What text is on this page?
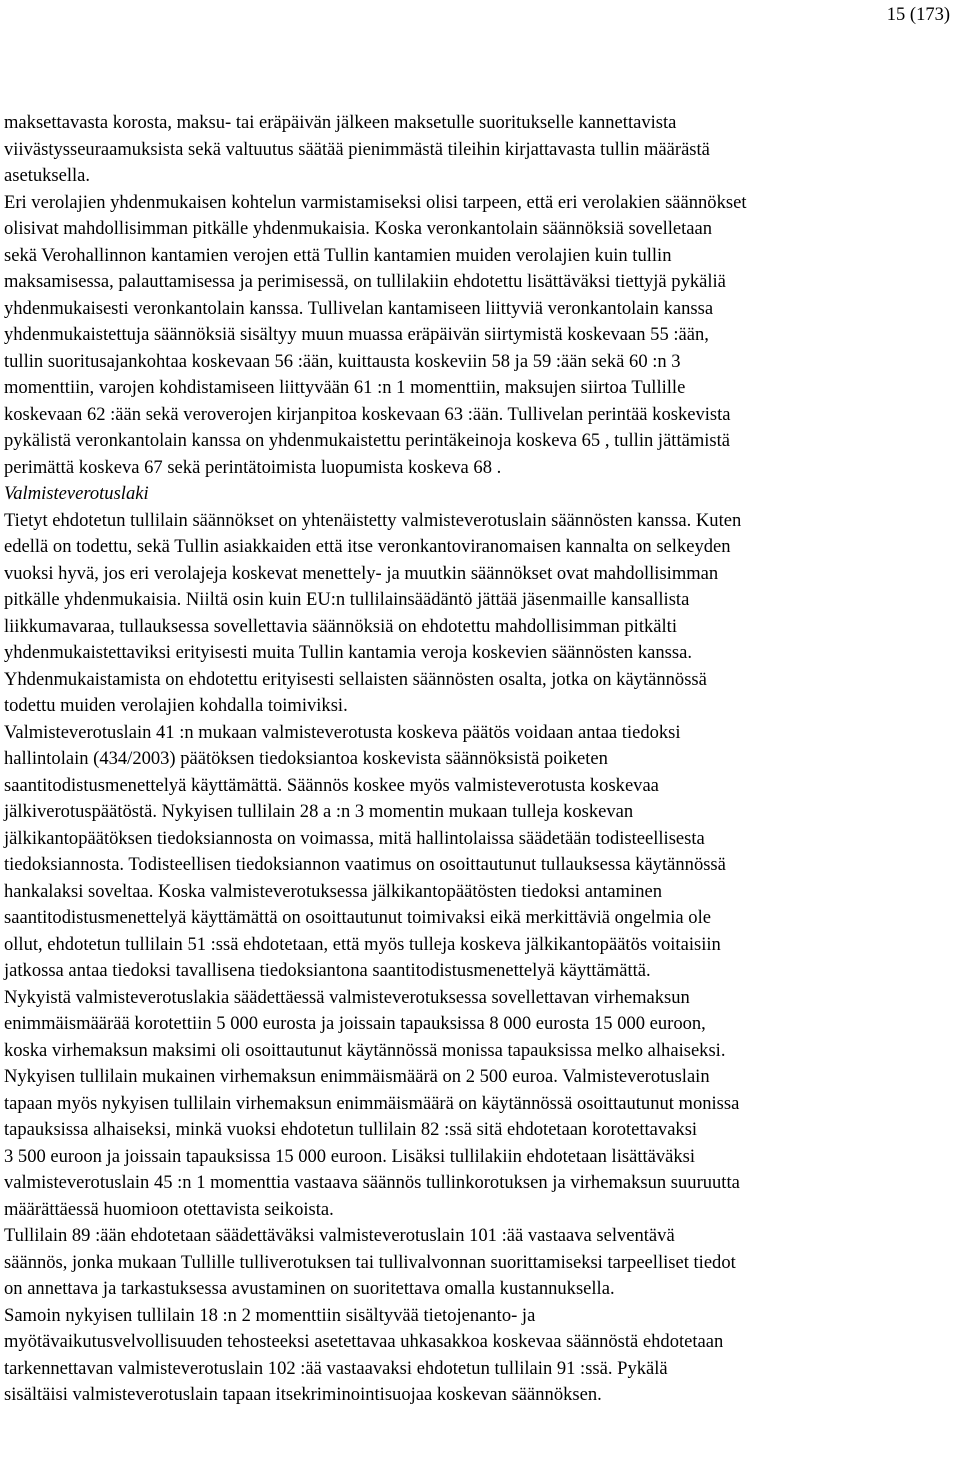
15 (173)

maksettavasta korosta, maksu- tai eräpäivän jälkeen maksetulle suoritukselle kannettavista
viivästysseuraamuksista sekä valtuutus säätää pienimmästä tileihin kirjattavasta tullin määrästä
asetuksella.

Eri verolajien yhdenmukaisen kohtelun varmistamiseksi olisi tarpeen, että eri verolakien säännökset
olisivat mahdollisimman pitkälle yhdenmukaisia. Koska veronkantolain säännöksiä sovelletaan
sekä Verohallinnon kantamien verojen että Tullin kantamien muiden verolajien kuin tullin
maksamisessa, palauttamisessa ja perimisessä, on tullilakiin ehdotettu lisättäväksi tiettyjä pykäliä
yhdenmukaisesti veronkantolain kanssa. Tullivelan kantamiseen liittyviä veronkantolain kanssa
yhdenmukaistettuja säännöksiä sisältyy muun muassa eräpäivän siirtymistä koskevaan 55 :ään,
tullin suoritusajankohtaa koskevaan 56 :ään, kuittausta koskeviin 58 ja 59 :ään sekä 60 :n 3
momenttiin, varojen kohdistamiseen liittyvään 61 :n 1 momenttiin, maksujen siirtoa Tullille
koskevaan 62 :ään sekä veroverojen kirjanpitoa koskevaan 63 :ään. Tullivelan perintää koskevista
pykälistä veronkantolain kanssa on yhdenmukaistettu perintäkeinoja koskeva 65 , tullin jättämistä
perimättä koskeva 67 sekä perintätoimista luopumista koskeva 68 .

Valmisteverotuslaki

Tietyt ehdotetun tullilain säännökset on yhtenäistetty valmisteverotuslain säännösten kanssa. Kuten
edellä on todettu, sekä Tullin asiakkaiden että itse veronkantoviranomaisen kannalta on selkeyden
vuoksi hyvä, jos eri verolajeja koskevat menettely- ja muutkin säännökset ovat mahdollisimman
pitkälle yhdenmukaisia. Niiltä osin kuin EU:n tullilainsäädäntö jättää jäsenmaille kansallista
liikkumavaraa, tullauksessa sovellettavia säännöksiä on ehdotettu mahdollisimman pitkälti
yhdenmukaistettaviksi erityisesti muita Tullin kantamia veroja koskevien säännösten kanssa.
Yhdenmukaistamista on ehdotettu erityisesti sellaisten säännösten osalta, jotka on käytännössä
todettu muiden verolajien kohdalla toimiviksi.

Valmisteverotuslain 41 :n mukaan valmisteverotusta koskeva päätös voidaan antaa tiedoksi
hallintolain (434/2003) päätöksen tiedoksiantoa koskevista säännöksistä poiketen
saantitodistusmenettelyä käyttämättä. Säännös koskee myös valmisteverotusta koskevaa
jälkiverotuspäätöstä. Nykyisen tullilain 28 a :n 3 momentin mukaan tulleja koskevan
jälkikantopäätöksen tiedoksiannosta on voimassa, mitä hallintolaissa säädetään todisteellisesta
tiedoksiannosta. Todisteellisen tiedoksiannon vaatimus on osoittautunut tullauksessa käytännössä
hankalaksi soveltaa. Koska valmisteverotuksessa jälkikantopäätösten tiedoksi antaminen
saantitodistusmenettelyä käyttämättä on osoittautunut toimivaksi eikä merkittäviä ongelmia ole
ollut, ehdotetun tullilain 51 :ssä ehdotetaan, että myös tulleja koskeva jälkikantopäätös voitaisiin
jatkossa antaa tiedoksi tavallisena tiedoksiantona saantitodistusmenettelyä käyttämättä.

Nykyistä valmisteverotuslakia säädettäessä valmisteverotuksessa sovellettavan virhemaksun
enimmäismäärää korotettiin 5 000 eurosta ja joissain tapauksissa 8 000 eurosta 15 000 euroon,
koska virhemaksun maksimi oli osoittautunut käytännössä monissa tapauksissa melko alhaiseksi.
Nykyisen tullilain mukainen virhemaksun enimmäismäärä on 2 500 euroa. Valmisteverotuslain
tapaan myös nykyisen tullilain virhemaksun enimmäismäärä on käytännössä osoittautunut monissa
tapauksissa alhaiseksi, minkä vuoksi ehdotetun tullilain 82 :ssä sitä ehdotetaan korotettavaksi
3 500 euroon ja joissain tapauksissa 15 000 euroon. Lisäksi tullilakiin ehdotetaan lisättäväksi
valmisteverotuslain 45 :n 1 momenttia vastaava säännös tullinkorotuksen ja virhemaksun suuruutta
määrättäessä huomioon otettavista seikoista.

Tullilain 89 :ään ehdotetaan säädettäväksi valmisteverotuslain 101 :ää vastaava selventävä
säännös, jonka mukaan Tullille tulliverotuksen tai tullivalvonnan suorittamiseksi tarpeelliset tiedot
on annettava ja tarkastuksessa avustaminen on suoritettava omalla kustannuksella.

Samoin nykyisen tullilain 18 :n 2 momenttiin sisältyvää tietojenanto- ja
myötävaikutusvelvollisuuden tehosteeksi asetettavaa uhkasakkoa koskevaa säännöstä ehdotetaan
tarkennettavan valmisteverotuslain 102 :ää vastaavaksi ehdotetun tullilain 91 :ssä. Pykälä
sisältäisi valmisteverotuslain tapaan itsekriminointisuojaa koskevan säännöksen.
